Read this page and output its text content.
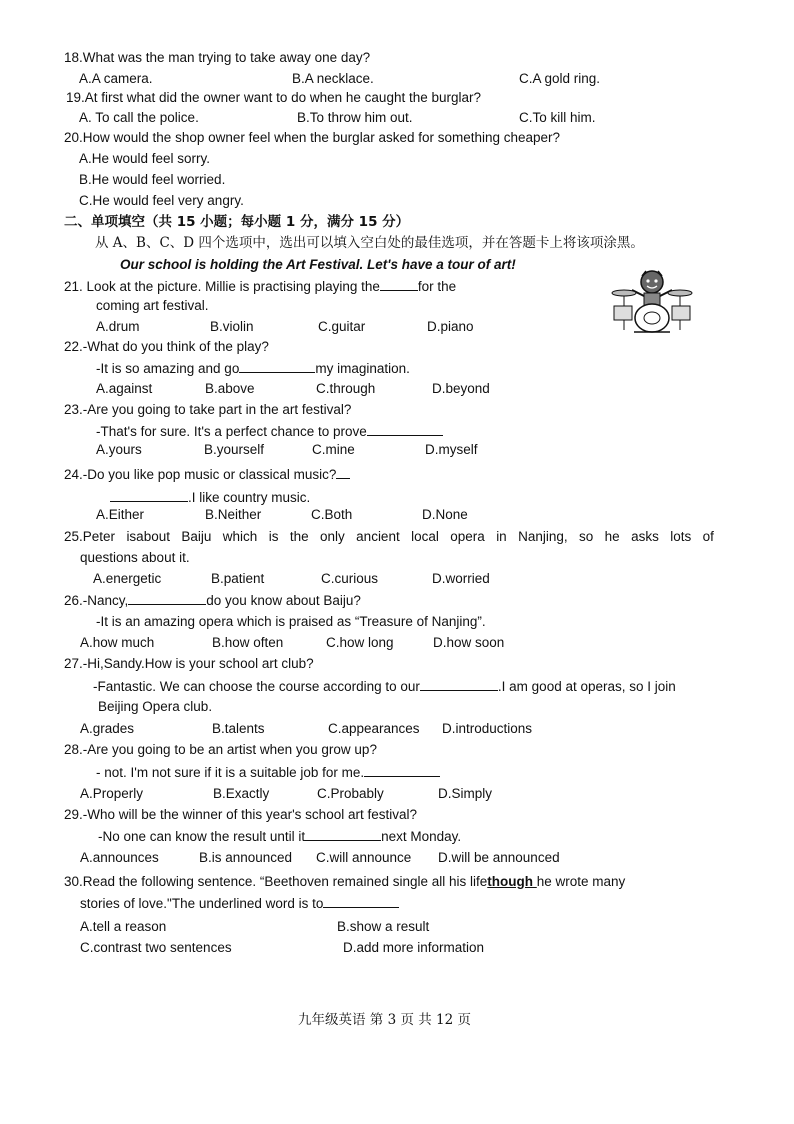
18.What was the man trying to take away one day?
A.A camera.	B.A necklace.	C.A gold ring.
19.At first what did the owner want to do when he caught the burglar?
A. To call the police.	B.To throw him out.	C.To kill him.
20.How would the shop owner feel when the burglar asked for something cheaper?
A.He would feel sorry.
B.He would feel worried.
C.He would feel very angry.
二、单项填空（共 15 小题；每小题 1 分，满分 15 分）
从 A、B、C、D 四个选项中，选出可以填入空白处的最佳选项，并在答题卡上将该项涂黑。
Our school is holding the Art Festival. Let's have a tour of art!
21. Look at the picture. Millie is practising playing the	for the
coming art festival.
A.drum	B.violin	C.guitar	D.piano
22.-What do you think of the play?
-It is so amazing and go	my imagination.
A.against	B.above	C.through	D.beyond
23.-Are you going to take part in the art festival?
-That's for sure. It's a perfect chance to prove
A.yours	B.yourself	C.mine	D.myself
24.-Do you like pop music or classical music?
.I like country music.
A.Either	B.Neither	C.Both	D.None
25.Peter isabout Baiju which is the only ancient local opera in Nanjing, so he asks lots of
questions about it.
A.energetic	B.patient	C.curious	D.worried
26.-Nancy,	do you know about Baiju?
-It is an amazing opera which is praised as “Treasure of Nanjing”.
A.how much	B.how often	C.how long	D.how soon
27.-Hi,Sandy.How is your school art club?
-Fantastic. We can choose the course according to our	.I am good at operas, so I join
Beijing Opera club.
A.grades	B.talents	C.appearances D.introductions
28.-Are you going to be an artist when you grow up?
- not. I'm not sure if it is a suitable job for me.
A.Properly	B.Exactly	C.Probably	D.Simply
29.-Who will be the winner of this year's school art festival?
-No one can know the result until it	next Monday.
A.announces	B.is announced C.will announce D.will be announced
30.Read the following sentence. “Beethoven remained single all his lifethough he wrote many
stories of love."The underlined word is to
A.tell a reason	B.show a result
C.contrast two sentences	D.add more information
九年级英语 第 3 页 共 12 页
